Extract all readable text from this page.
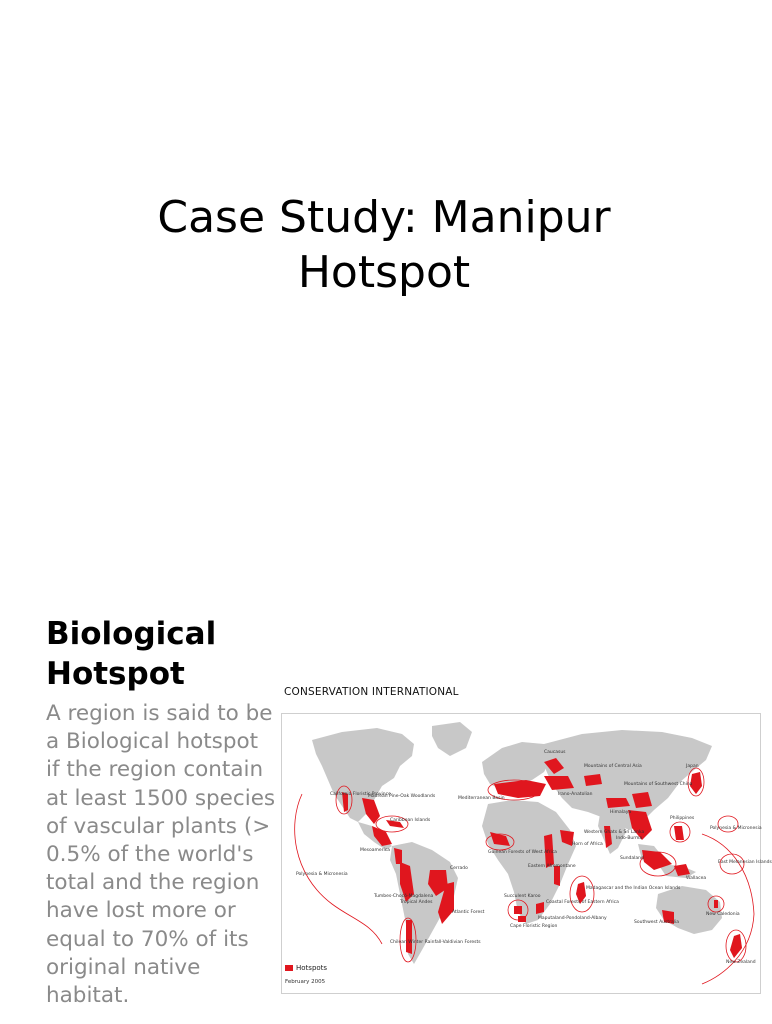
Case Study: Manipur
Hotspot
Biological
Hotspot

A region is said to be a Biological hotspot if the region contain at least 1500 species of vascular plants (> 0.5% of the world's total and the region have lost more or equal to 70% of its original native habitat.

CONSERVATION INTERNATIONAL
California Floristic Province
Madrean Pine-Oak Woodlands
Caribbean Islands
Mesoamerica
Polynesia & Micronesia
Tumbes-Chocó-Magdalena
Tropical Andes
Chilean Winter Rainfall-Valdivian Forests
Cerrado
Atlantic Forest
Mediterranean Basin
Caucasus
Irano-Anatolian
Mountains of Central Asia
Mountains of Southwest China
Japan
Guinean Forests of West Africa
Horn of Africa
Western Ghats & Sri Lanka
Himalaya
Indo-Burma
Philippines
Polynesia & Micronesia
East Melanesian Islands
Sundaland
Wallacea
Madagascar and the Indian Ocean Islands
Eastern Afromontane
Coastal Forests of Eastern Africa
Succulent Karoo
Cape Floristic Region
Maputaland-Pondoland-Albany
Southwest Australia
New Caledonia
New Zealand
Hotspots
February 2005
